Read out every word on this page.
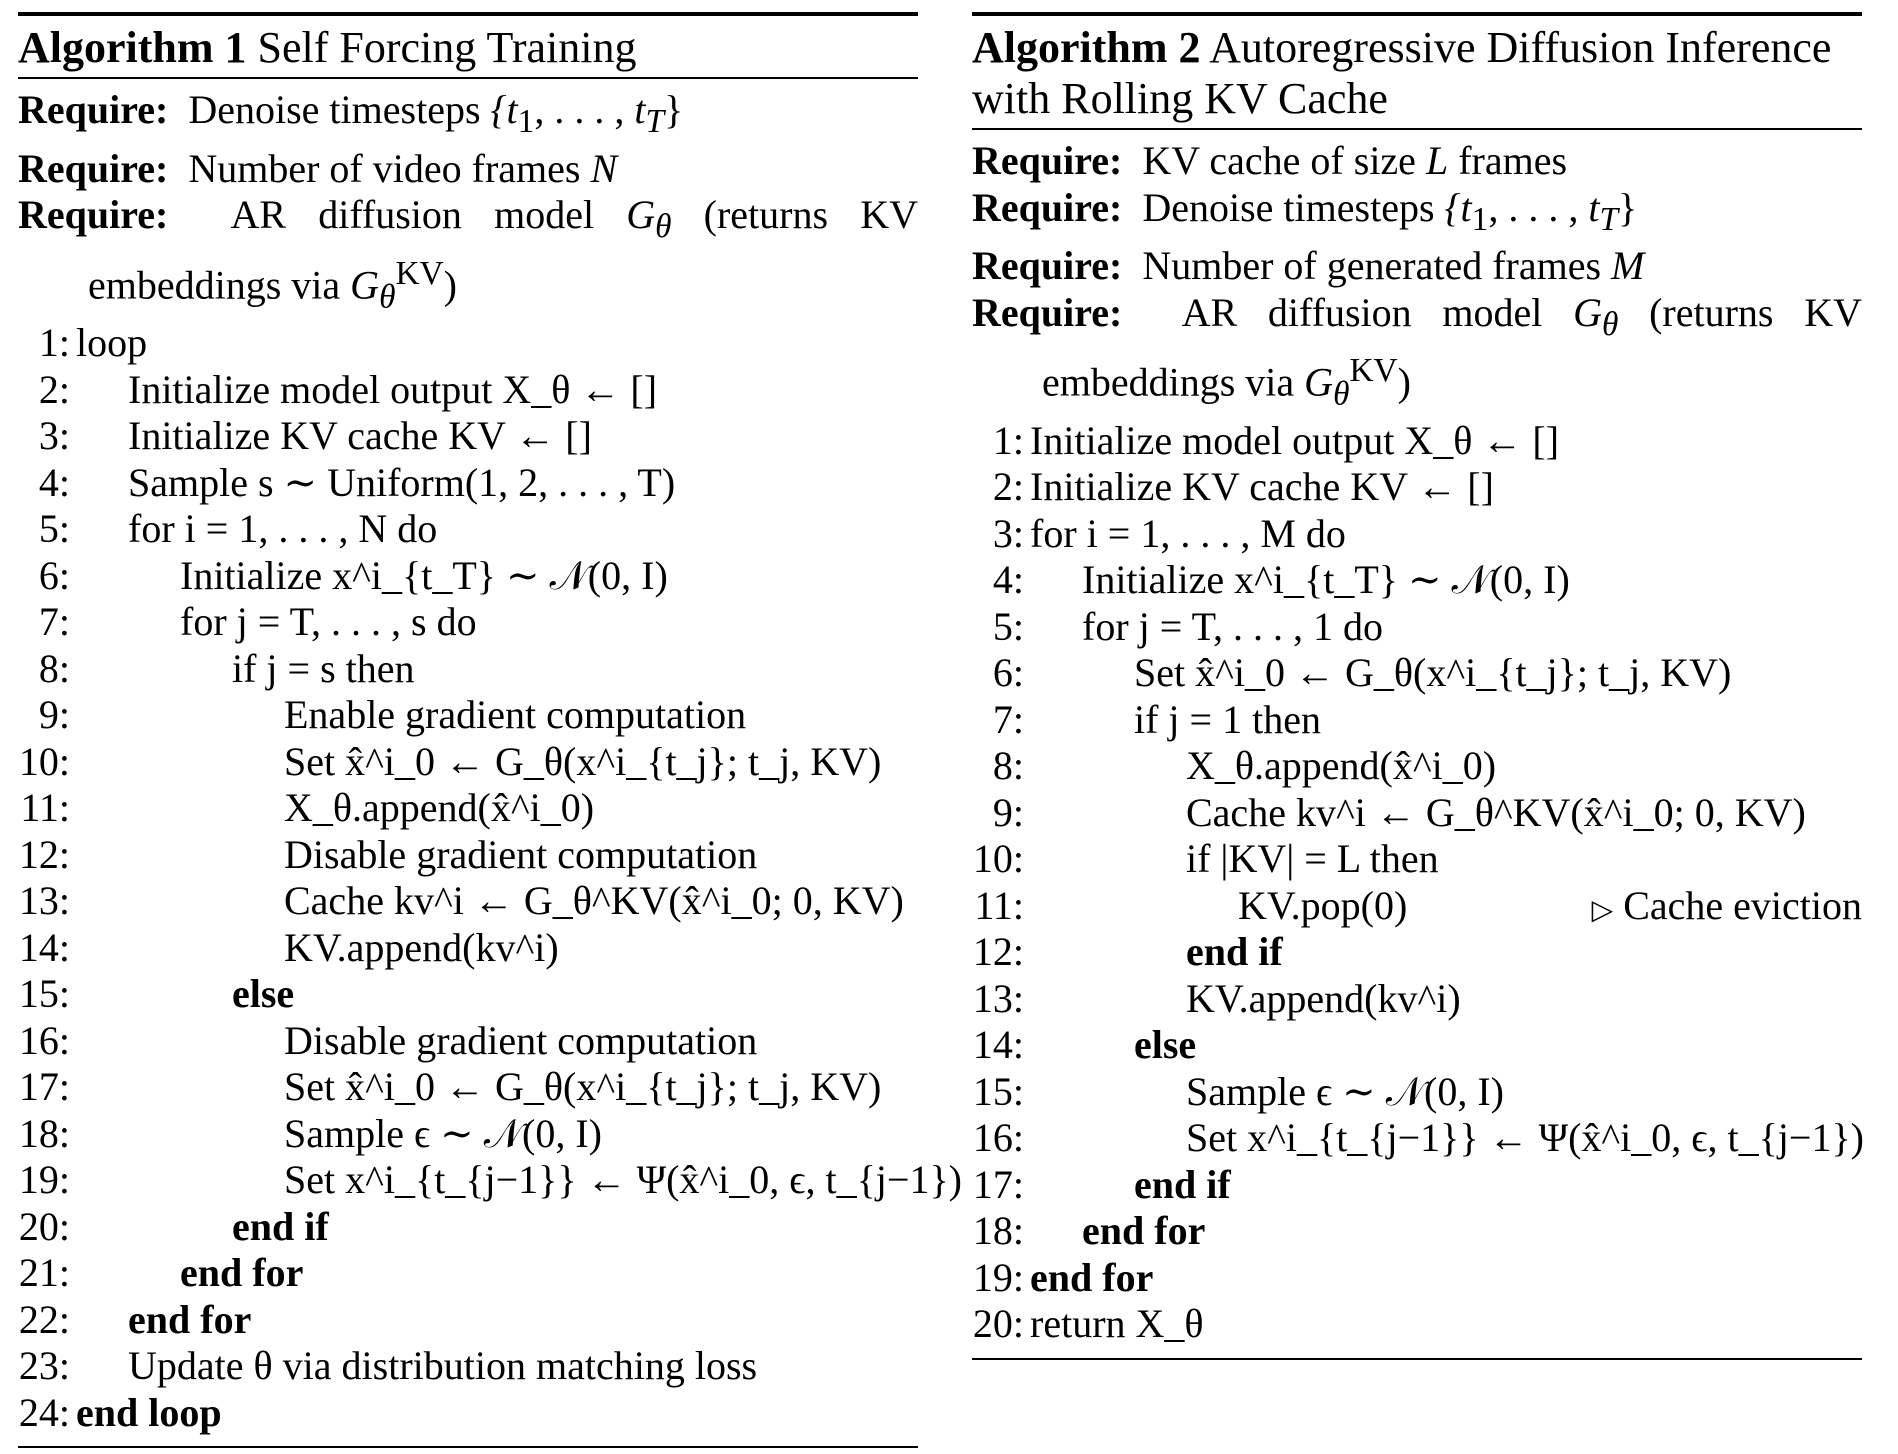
Algorithm 1 Self Forcing Training
Require:  Denoise timesteps {$t_1$, . . . , $t_T$}
Require:  Number of video frames N
Require:  AR diffusion model $G_\theta$ (returns KV embeddings via $G_\theta^{KV}$)
1: loop
2: Initialize model output X_θ ← []
3: Initialize KV cache KV ← []
4: Sample s ∼ Uniform(1, 2, . . . , T)
5: for i = 1, . . . , N do
6:	Initialize x^i_{t_T} ∼ 𝒩(0, I)
7:	for j = T, . . . , s do
8:	if j = s then
9:	Enable gradient computation
10:	Set x̂^i_0 ← G_θ(x^i_{t_j}; t_j, KV)
11:	X_θ.append(x̂^i_0)
12:	Disable gradient computation
13:	Cache kv^i ← G_θ^KV(x̂^i_0; 0, KV)
14:	KV.append(kv^i)
15:	else
16:	Disable gradient computation
17:	Set x̂^i_0 ← G_θ(x^i_{t_j}; t_j, KV)
18:	Sample ϵ ∼ 𝒩(0, I)
19:	Set x^i_{t_{j−1}} ← Ψ(x̂^i_0, ϵ, t_{j−1})
20:	end if
21:	end for
22: end for
23: Update θ via distribution matching loss
24: end loop
Algorithm 2 Autoregressive Diffusion Inference with Rolling KV Cache
Require:  KV cache of size L frames
Require:  Denoise timesteps {$t_1$, . . . , $t_T$}
Require:  Number of generated frames M
Require:  AR diffusion model $G_\theta$ (returns KV embeddings via $G_\theta^{KV}$)
1: Initialize model output X_θ ← []
2: Initialize KV cache KV ← []
3: for i = 1, . . . , M do
4: Initialize x^i_{t_T} ∼ 𝒩(0, I)
5: for j = T, . . . , 1 do
6:	Set x̂^i_0 ← G_θ(x^i_{t_j}; t_j, KV)
7:	if j = 1 then
8:	X_θ.append(x̂^i_0)
9:	Cache kv^i ← G_θ^KV(x̂^i_0; 0, KV)
10:	if |KV| = L then
11:	KV.pop(0)	▷ Cache eviction
12:	end if
13:	KV.append(kv^i)
14:	else
15:	Sample ϵ ∼ 𝒩(0, I)
16:	Set x^i_{t_{j−1}} ← Ψ(x̂^i_0, ϵ, t_{j−1})
17:	end if
18: end for
19: end for
20: return X_θ
